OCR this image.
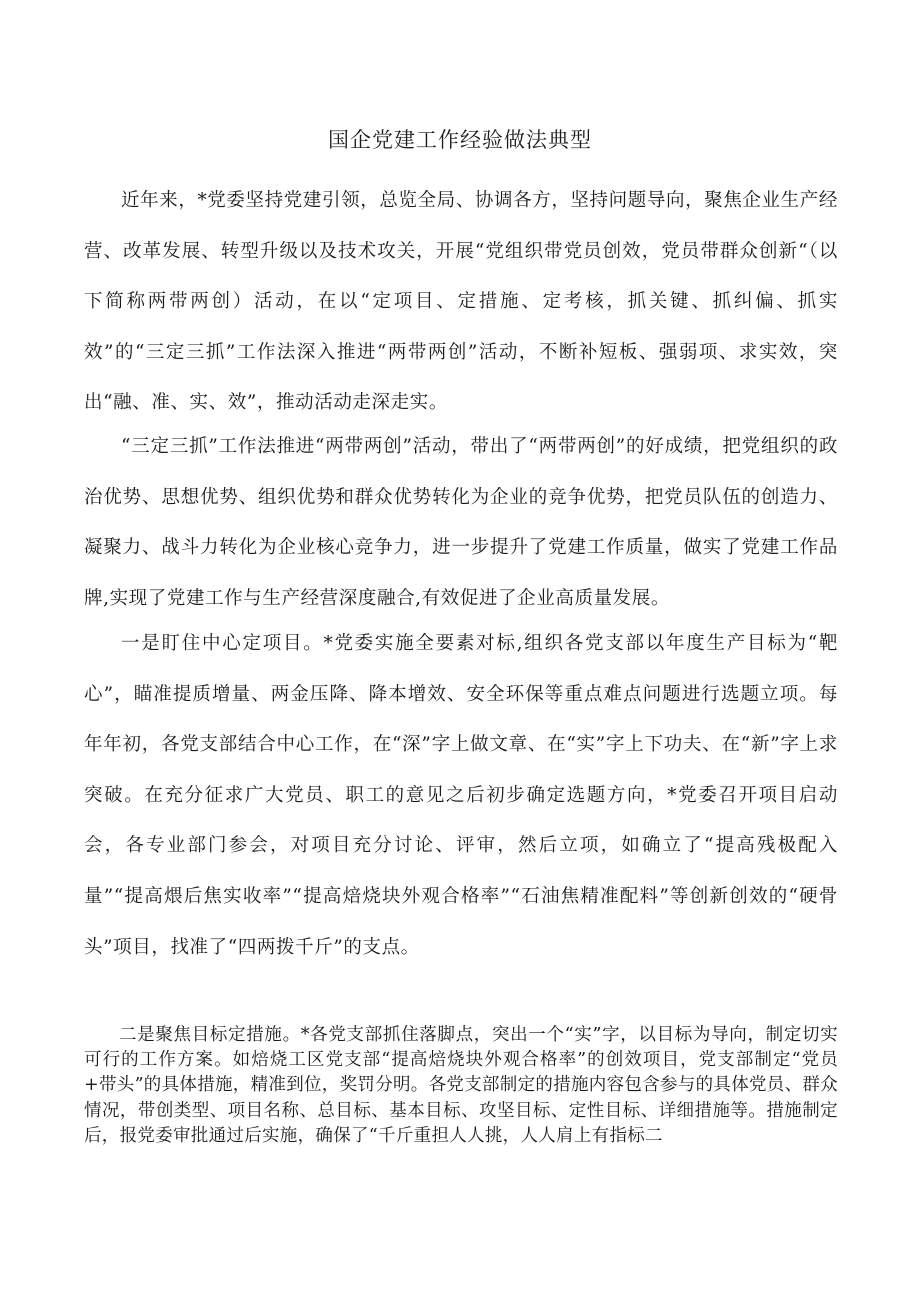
国企党建工作经验做法典型

近年来，*党委坚持党建引领，总览全局、协调各方，坚持问题导向，聚焦企业生产经营、改革发展、转型升级以及技术攻关，开展“党组织带党员创效，党员带群众创新“（以下简称两带两创）活动，在以“定项目、定措施、定考核，抓关键、抓纠偏、抓实效”的“三定三抓”工作法深入推进“两带两创”活动，不断补短板、强弱项、求实效，突出“融、准、实、效”，推动活动走深走实。

“三定三抓”工作法推进“两带两创”活动，带出了“两带两创”的好成绩，把党组织的政治优势、思想优势、组织优势和群众优势转化为企业的竞争优势，把党员队伍的创造力、凝聚力、战斗力转化为企业核心竞争力，进一步提升了党建工作质量，做实了党建工作品牌,实现了党建工作与生产经营深度融合,有效促进了企业高质量发展。

一是盯住中心定项目。*党委实施全要素对标,组织各党支部以年度生产目标为“靶心”，瞄准提质增量、两金压降、降本增效、安全环保等重点难点问题进行选题立项。每年年初，各党支部结合中心工作，在“深”字上做文章、在“实”字上下功夫、在“新”字上求突破。在充分征求广大党员、职工的意见之后初步确定选题方向，*党委召开项目启动会，各专业部门参会，对项目充分讨论、评审，然后立项，如确立了“提高残极配入量”“提高煨后焦实收率”“提高焙烧块外观合格率”“石油焦精准配料”等创新创效的“硬骨头”项目，找准了“四两拨千斤”的支点。

二是聚焦目标定措施。*各党支部抓住落脚点，突出一个“实”字，以目标为导向，制定切实可行的工作方案。如焙烧工区党支部“提高焙烧块外观合格率”的创效项目，党支部制定“党员+带头”的具体措施，精准到位，奖罚分明。各党支部制定的措施内容包含参与的具体党员、群众情况，带创类型、项目名称、总目标、基本目标、攻坚目标、定性目标、详细措施等。措施制定后，报党委审批通过后实施，确保了“千斤重担人人挑，人人肩上有指标二
